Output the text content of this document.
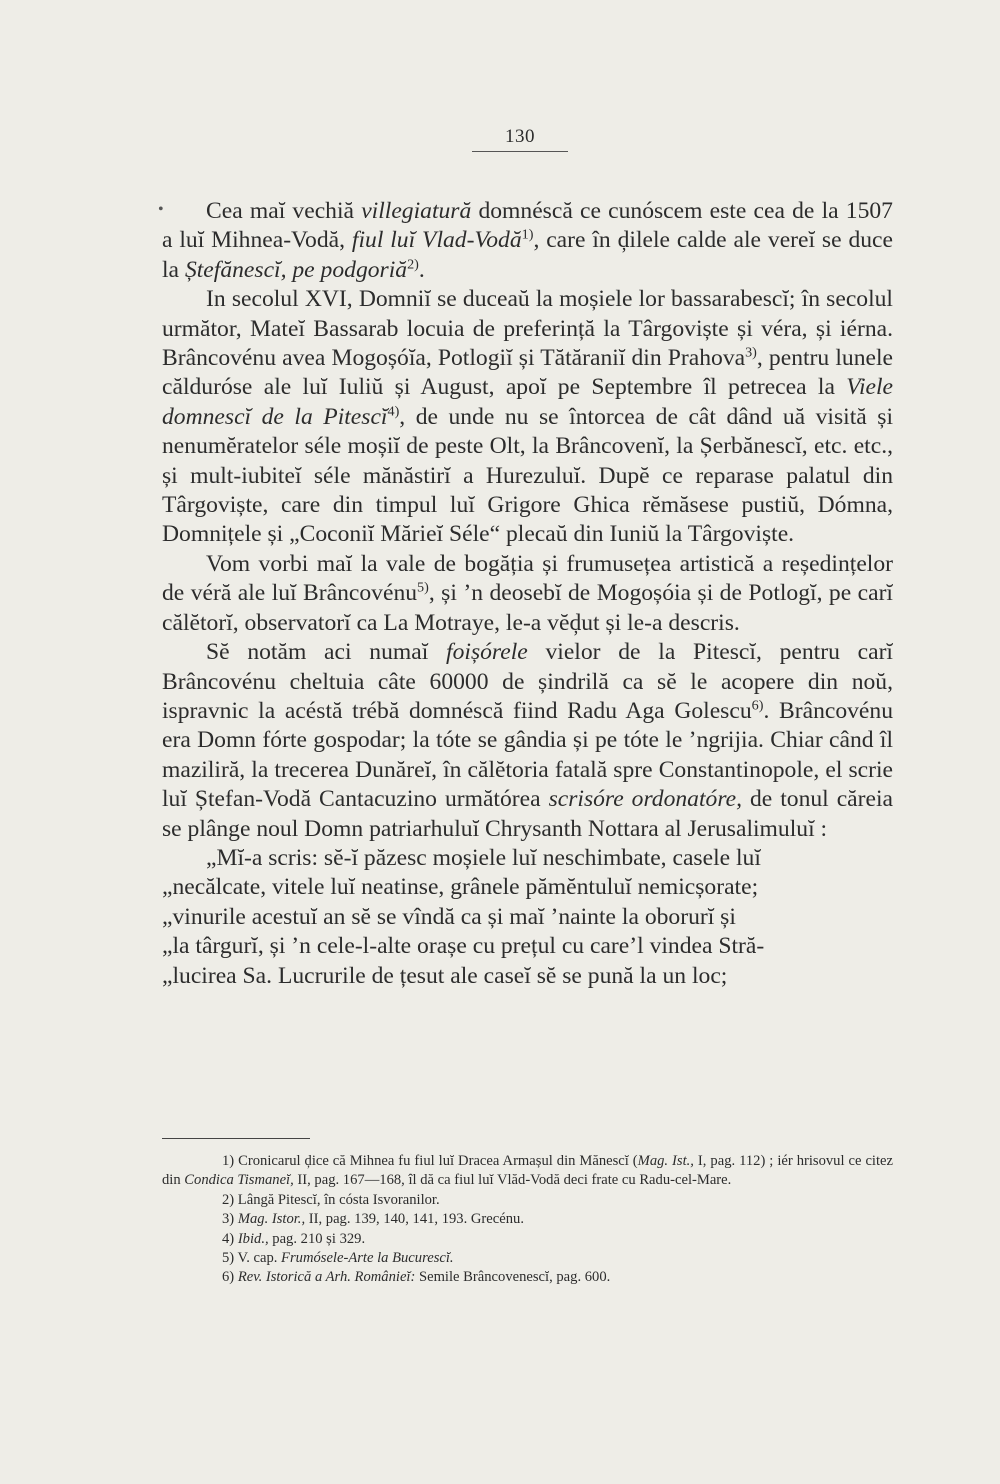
130
•	Cea maĭ vechiă villegiatură domnéscă ce cunóscem este cea de la 1507 a luĭ Mihnea-Vodă, fiul luĭ Vlad-Vodă$^{1)}$, care în ḑilele calde ale vereĭ se duce la Ștefănescĭ, pe podgoriă$^{2)}$.

In secolul XVI, Domniĭ se duceaŭ la moșiele lor bassarabescĭ; în secolul următor, Mateĭ Bassarab locuia de preferință la Târgoviște și véra, și iérna. Brâncovénu avea Mogoșóĭa, Potlogiĭ și Tătăraniĭ din Prahova$^{3)}$, pentru lunele călduróse ale luĭ Iuliŭ și August, apoĭ pe Septembre îl petrecea la Viele domnescĭ de la Pitescĭ$^{4)}$, de unde nu se întorcea de cât dând uă visită și nenumĕratelor séle moșiĭ de peste Olt, la Brâncovenĭ, la Șerbănescĭ, etc. etc., și mult-iubiteĭ séle mănăstirĭ a Hurezuluĭ. Dupĕ ce reparase palatul din Târgoviște, care din timpul luĭ Grigore Ghica rĕmăsese pustiŭ, Dómna, Domnițele și „Coconiĭ Măriеĭ Séle“ plecaŭ din Iuniŭ la Târgoviște.

Vom vorbi maĭ la vale de bogăția și frumusețea artistică a reședințelor de véră ale luĭ Brâncovénu$^{5)}$, și ’n deosebĭ de Mogoșóia și de Potlogĭ, pe carĭ călĕtorĭ, observatorĭ ca La Motraye, le-a vĕḑut și le-a descris.

Sĕ notăm aci numaĭ foișórele vielor de la Pitescĭ, pentru carĭ Brâncovénu cheltuia câte 60000 de șindrilă ca sĕ le acopere din noŭ, ispravnic la acéstă trébă domnéscă fiind Radu Aga Golescu$^{6)}$. Brâncovénu era Domn fórte gospodar; la tóte se gândia și pe tóte le ’ngrijia. Chiar când îl maziliră, la trecerea Dunăreĭ, în călĕtoria fatală spre Constantinopole, el scrie luĭ Ștefan-Vodă Cantacuzino următórea scrisóre ordonatóre, de tonul căreia se plânge noul Domn patriarhuluĭ Chrysanth Nottara al Jerusalimuluĭ :

„Mĭ-a scris: sĕ-ĭ păzesc moșiele luĭ neschimbate, casele luĭ
„necălcate, vitele luĭ neatinse, grânele pămĕntuluĭ nemicșorate;
„vinurile acestuĭ an sĕ se vîndă ca și maĭ ’nainte la oborurĭ și
„la târgurĭ, și ’n cele-l-alte orașe cu prețul cu care’l vindea Stră-
„lucirea Sa. Lucrurile de țesut ale caseĭ sĕ se pună la un loc;

1) Cronicarul ḑice că Mihnea fu fiul luĭ Dracea Armașul din Mănescĭ (Mag. Ist., I, pag. 112) ; iér hrisovul ce citez din Condica Tismaneĭ, II, pag. 167—168, îl dă ca fiul luĭ Vlăd-Vodă deci frate cu Radu-cel-Mare.

2) Lângă Pitescĭ, în cósta Isvoranilor.

3) Mag. Istor., II, pag. 139, 140, 141, 193. Grecénu.

4) Ibid., pag. 210 și 329.

5) V. cap. Frumósele-Arte la Bucurescĭ.

6) Rev. Istorică a Arh. Românieĭ: Semile Brâncovenescĭ, pag. 600.
